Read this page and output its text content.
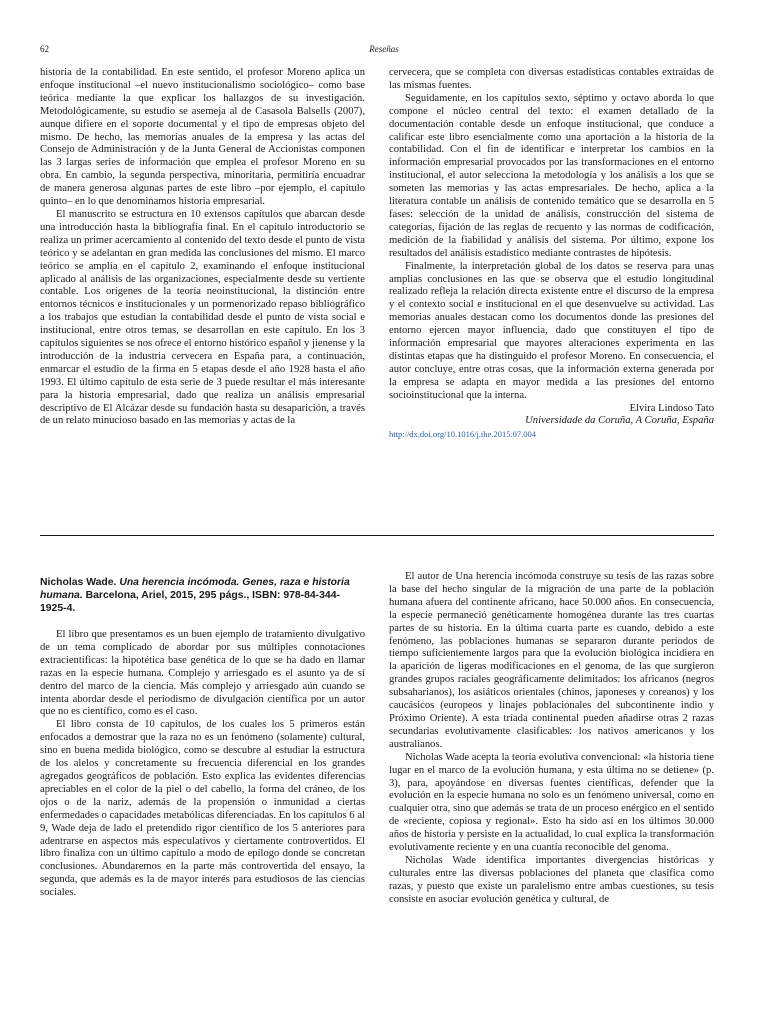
62	Reseñas

historia de la contabilidad. En este sentido, el profesor Moreno aplica un enfoque institucional –el nuevo institucionalismo sociológico– como base teórica mediante la que explicar los hallazgos de su investigación. Metodológicamente, su estudio se asemeja al de Casasola Balsells (2007), aunque difiere en el soporte documental y el tipo de empresas objeto del mismo. De hecho, las memorias anuales de la empresa y las actas del Consejo de Administración y de la Junta General de Accionistas componen las 3 largas series de información que emplea el profesor Moreno en su obra. En cambio, la segunda perspectiva, minoritaria, permitiría encuadrar de manera generosa algunas partes de este libro –por ejemplo, el capítulo quinto– en lo que denominamos historia empresarial.

El manuscrito se estructura en 10 extensos capítulos que abarcan desde una introducción hasta la bibliografía final. En el capítulo introductorio se realiza un primer acercamiento al contenido del texto desde el punto de vista teórico y se adelantan en gran medida las conclusiones del mismo. El marco teórico se amplía en el capítulo 2, examinando el enfoque institucional aplicado al análisis de las organizaciones, especialmente desde su vertiente contable. Los orígenes de la teoría neoinstitucional, la distinción entre entornos técnicos e institucionales y un pormenorizado repaso bibliográfico a los trabajos que estudian la contabilidad desde el punto de vista social e institucional, entre otros temas, se desarrollan en este capítulo. En los 3 capítulos siguientes se nos ofrece el entorno histórico español y jienense y la introducción de la industria cervecera en España para, a continuación, enmarcar el estudio de la firma en 5 etapas desde el año 1928 hasta el año 1993. El último capítulo de esta serie de 3 puede resultar el más interesante para la historia empresarial, dado que realiza un análisis empresarial descriptivo de El Alcázar desde su fundación hasta su desaparición, a través de un relato minucioso basado en las memorias y actas de la

cervecera, que se completa con diversas estadísticas contables extraídas de las mismas fuentes.

Seguidamente, en los capítulos sexto, séptimo y octavo aborda lo que compone el núcleo central del texto: el examen detallado de la documentación contable desde un enfoque institucional, que conduce a calificar este libro esencialmente como una aportación a la historia de la contabilidad. Con el fin de identificar e interpretar los cambios en la información empresarial provocados por las transformaciones en el entorno institucional, el autor selecciona la metodología y los análisis a los que se someten las memorias y las actas empresariales. De hecho, aplica a la literatura contable un análisis de contenido temático que se desarrolla en 5 fases: selección de la unidad de análisis, construcción del sistema de categorías, fijación de las reglas de recuento y las normas de codificación, medición de la fiabilidad y análisis del sistema. Por último, expone los resultados del análisis estadístico mediante contrastes de hipótesis.

Finalmente, la interpretación global de los datos se reserva para unas amplias conclusiones en las que se observa que el estudio longitudinal realizado refleja la relación directa existente entre el discurso de la empresa y el contexto social e institucional en el que desenvuelve su actividad. Las memorias anuales destacan como los documentos donde las presiones del entorno ejercen mayor influencia, dado que constituyen el tipo de información empresarial que mayores alteraciones experimenta en las distintas etapas que ha distinguido el profesor Moreno. En consecuencia, el autor concluye, entre otras cosas, que la información externa generada por la empresa se adapta en mayor medida a las presiones del entorno socioinstitucional que la interna.

Elvira Lindoso Tato

Universidade da Coruña, A Coruña, España

http://dx.doi.org/10.1016/j.ihe.2015.07.004

Nicholas Wade. Una herencia incómoda. Genes, raza e historia humana. Barcelona, Ariel, 2015, 295 págs., ISBN: 978-84-344-1925-4.

El libro que presentamos es un buen ejemplo de tratamiento divulgativo de un tema complicado de abordar por sus múltiples connotaciones extracientíficas: la hipotética base genética de lo que se ha dado en llamar razas en la especie humana. Complejo y arriesgado es el asunto ya de sí dentro del marco de la ciencia. Más complejo y arriesgado aún cuando se intenta abordar desde el periodismo de divulgación científica por un autor que no es científico, como es el caso.

El libro consta de 10 capítulos, de los cuales los 5 primeros están enfocados a demostrar que la raza no es un fenómeno (solamente) cultural, sino en buena medida biológico, como se descubre al estudiar la estructura de los alelos y concretamente su frecuencia diferencial en los grandes agregados geográficos de población. Esto explica las evidentes diferencias apreciables en el color de la piel o del cabello, la forma del cráneo, de los ojos o de la nariz, además de la propensión o inmunidad a ciertas enfermedades o capacidades metabólicas diferenciadas. En los capítulos 6 al 9, Wade deja de lado el pretendido rigor científico de los 5 anteriores para adentrarse en aspectos más especulativos y ciertamente controvertidos. El libro finaliza con un último capítulo a modo de epílogo donde se concretan conclusiones. Abundaremos en la parte más controvertida del ensayo, la segunda, que además es la de mayor interés para estudiosos de las ciencias sociales.

El autor de Una herencia incómoda construye su tesis de las razas sobre la base del hecho singular de la migración de una parte de la población humana afuera del continente africano, hace 50.000 años. En consecuencia, la especie permaneció genéticamente homogénea durante las tres cuartas partes de su historia. En la última cuarta parte es cuando, debido a este fenómeno, las poblaciones humanas se separaron durante períodos de tiempo suficientemente largos para que la evolución biológica incidiera en la aparición de ligeras modificaciones en el genoma, de las que surgieron grandes grupos raciales geográficamente delimitados: los africanos (negros subsaharianos), los asiáticos orientales (chinos, japoneses y coreanos) y los caucásicos (europeos y linajes poblacionales del subcontinente indio y Próximo Oriente). A esta tríada continental pueden añadirse otras 2 razas secundarias evolutivamente clasificables: los nativos americanos y los australianos.

Nicholas Wade acepta la teoría evolutiva convencional: «la historia tiene lugar en el marco de la evolución humana, y esta última no se detiene» (p. 3), para, apoyándose en diversas fuentes científicas, defender que la evolución en la especie humana no solo es un fenómeno universal, como en cualquier otra, sino que además se trata de un proceso enérgico en el sentido de «reciente, copiosa y regional». Esto ha sido así en los últimos 30.000 años de historia y persiste en la actualidad, lo cual explica la transformación evolutivamente reciente y en una cuantía reconocible del genoma.

Nicholas Wade identifica importantes divergencias históricas y culturales entre las diversas poblaciones del planeta que clasifica como razas, y puesto que existe un paralelismo entre ambas cuestiones, su tesis consiste en asociar evolución genética y cultural, de
